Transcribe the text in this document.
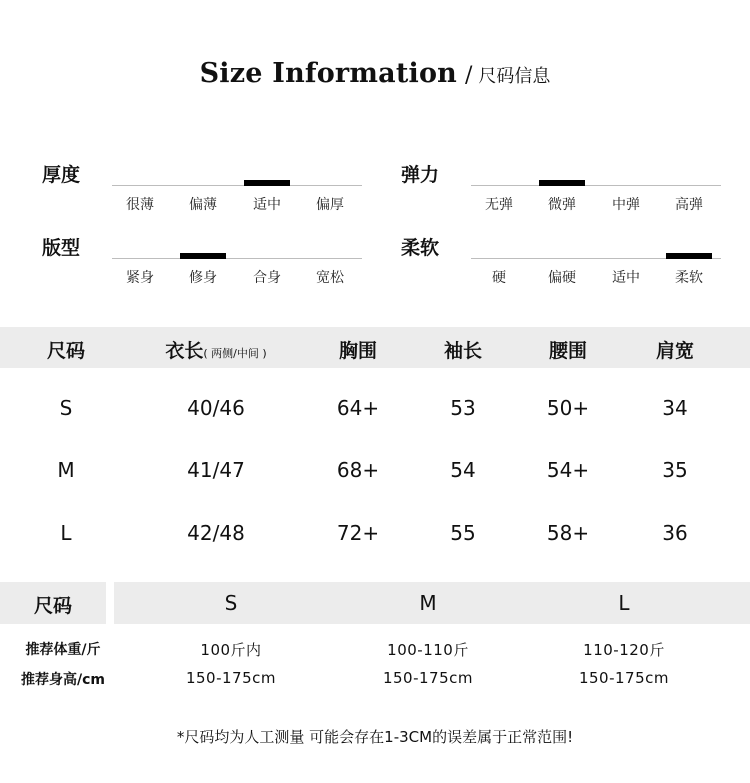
Size Information / 尺码信息
厚度
很薄	偏薄	适中	偏厚
弹力
无弹	微弹	中弹	高弹
版型
紧身	修身	合身	宽松
柔软
硬	偏硬	适中	柔软
尺码	衣长( 两侧/中间 )	胸围	袖长	腰围	肩宽
S	40/46	64+	53	50+	34
M	41/47	68+	54	54+	35
L	42/48	72+	55	58+	36
尺码	S	M	L
推荐体重/斤	100斤内	100-110斤	110-120斤
推荐身高/cm	150-175cm	150-175cm	150-175cm
*尺码均为人工测量 可能会存在1-3CM的误差属于正常范围!
